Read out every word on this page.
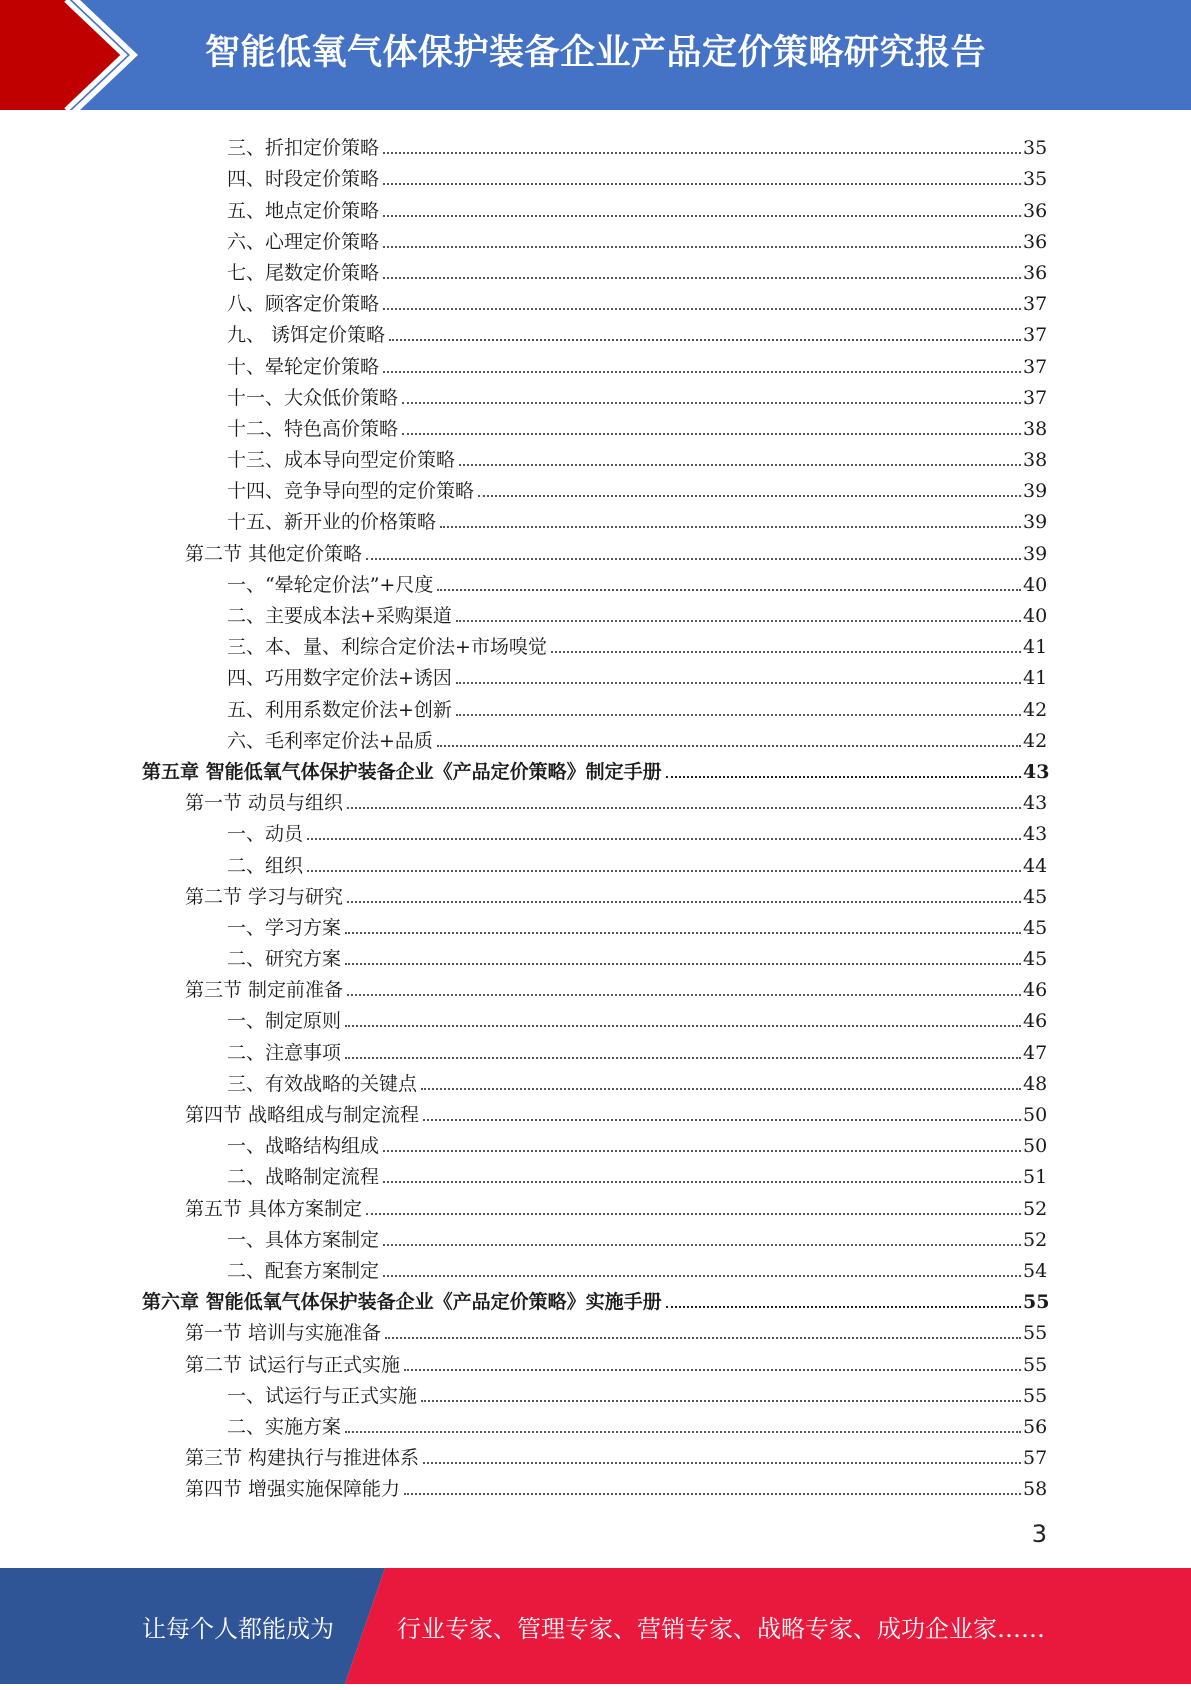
智能低氧气体保护装备企业产品定价策略研究报告
三、折扣定价策略	35
四、时段定价策略	35
五、地点定价策略	36
六、心理定价策略	36
七、尾数定价策略	36
八、顾客定价策略	37
九、 诱饵定价策略	37
十、晕轮定价策略	37
十一、大众低价策略	37
十二、特色高价策略	38
十三、成本导向型定价策略	38
十四、竞争导向型的定价策略	39
十五、新开业的价格策略	39
第二节 其他定价策略	39
一、“晕轮定价法”+尺度	40
二、主要成本法+采购渠道	40
三、本、量、利综合定价法+市场嗅觉	41
四、巧用数字定价法+诱因	41
五、利用系数定价法+创新	42
六、毛利率定价法+品质	42
第五章 智能低氧气体保护装备企业《产品定价策略》制定手册	43
第一节 动员与组织	43
一、动员	43
二、组织	44
第二节 学习与研究	45
一、学习方案	45
二、研究方案	45
第三节 制定前准备	46
一、制定原则	46
二、注意事项	47
三、有效战略的关键点	48
第四节 战略组成与制定流程	50
一、战略结构组成	50
二、战略制定流程	51
第五节 具体方案制定	52
一、具体方案制定	52
二、配套方案制定	54
第六章 智能低氧气体保护装备企业《产品定价策略》实施手册	55
第一节 培训与实施准备	55
第二节 试运行与正式实施	55
一、试运行与正式实施	55
二、实施方案	56
第三节 构建执行与推进体系	57
第四节 增强实施保障能力	58
3
让每个人都能成为	行业专家、管理专家、营销专家、战略专家、成功企业家……
